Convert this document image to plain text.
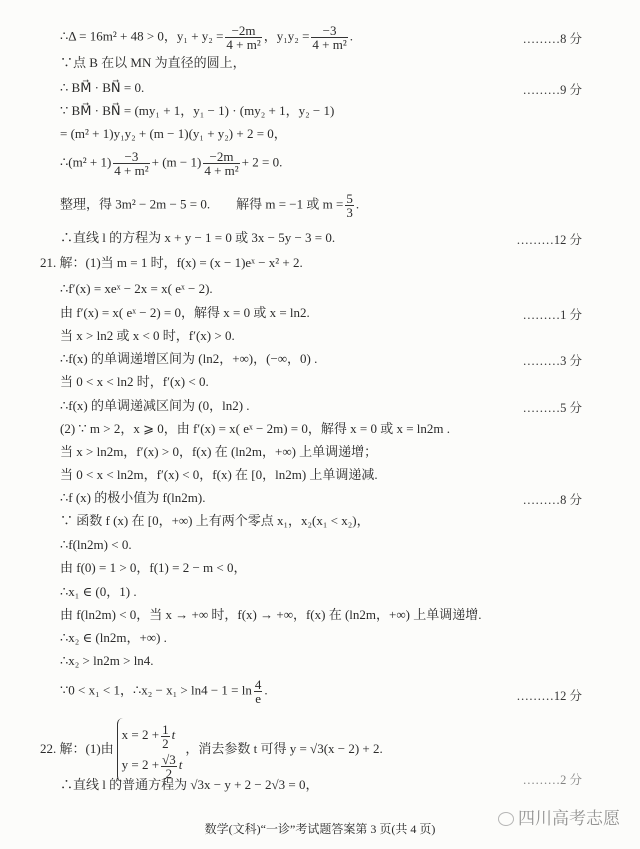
∴Δ = 16m² + 48 > 0，$y_1 + y_2 = \frac{-2m}{\text{4 + m²}}$ ，$y_1y_2 = \frac{-3}{\text{4 + m²}}$ .	………8 分
∵点 B 在以 MN 为直径的圆上，
∴ BM⃗ · BN⃗ = 0.	………9 分
∵ BM⃗ · BN⃗ = (my₁ + 1，y₁ − 1) · (my₂ + 1，y₂ − 1)
= (m² + 1)y₁y₂ + (m − 1)(y₁ + y₂) + 2 = 0，
∴(m² + $1) \frac{-3}{\text{4 + m²}} + (m - 1) \frac{-2m}{\text{4 + m²}} + 2 = 0$.
整理，得 3m² − 2m − 5 = 0.　　解得 m = −1 或 $m = \frac{5}{3}$ .
∴直线 l 的方程为 x + y − 1 = 0 或 3x − 5y − 3 = 0.	………12 分
21. 解：(1)当 m = 1 时，f(x) = (x − 1)eˣ − x² + 2.
∴f′(x) = xeˣ − 2x = x( eˣ − 2).
由 f′(x) = x( eˣ − 2) = 0，解得 x = 0 或 x = ln2.	………1 分
当 x > ln2 或 x < 0 时，f′(x) > 0.
∴f(x) 的单调递增区间为 (ln2，+∞)，(−∞，0) .	………3 分
当 0 < x < ln2 时，f′(x) < 0.
∴f(x) 的单调递减区间为 (0，ln2) .	………5 分
(2) ∵ m > 2，x ⩾ 0，由 f′(x) = x( eˣ − 2m) = 0，解得 x = 0 或 x = ln2m .
当 x > ln2m，f′(x) > 0，f(x) 在 (ln2m，+∞) 上单调递增；
当 0 < x < ln2m，f′(x) < 0，f(x) 在 [0，ln2m) 上单调递减.
∴f (x) 的极小值为 f(ln2m).	………8 分
∵ 函数 f (x) 在 [0，+∞) 上有两个零点 x₁，x₂(x₁ < x₂)，
∴f(ln2m) < 0.
由 f(0) = 1 > 0，f(1) = 2 − m < 0，
∴x₁ ∈ (0，1) .
由 f(ln2m) < 0，当 x → +∞ 时，f(x) → +∞，f(x) 在 (ln2m，+∞) 上单调递增.
∴x₂ ∈ (ln2m，+∞) .
∴x₂ > ln2m > ln4.
∵0 < x₁ < 1，∴x₂ − $x_1 > \ln 4 - 1 = \ln \frac{4}{e}$ .	………12 分
22. 解：(1)由
$x = 2 + \frac{1}{2}$ t
$y = 2 + \frac{√3}{2}$ t
，消去参数 t 可得 y = √3(x − 2) + 2.
∴直线 l 的普通方程为 √3x − y + 2 − 2√3 = 0，	………2 分
四川高考志愿
数学(文科)“一诊”考试题答案第 3 页(共 4 页)
